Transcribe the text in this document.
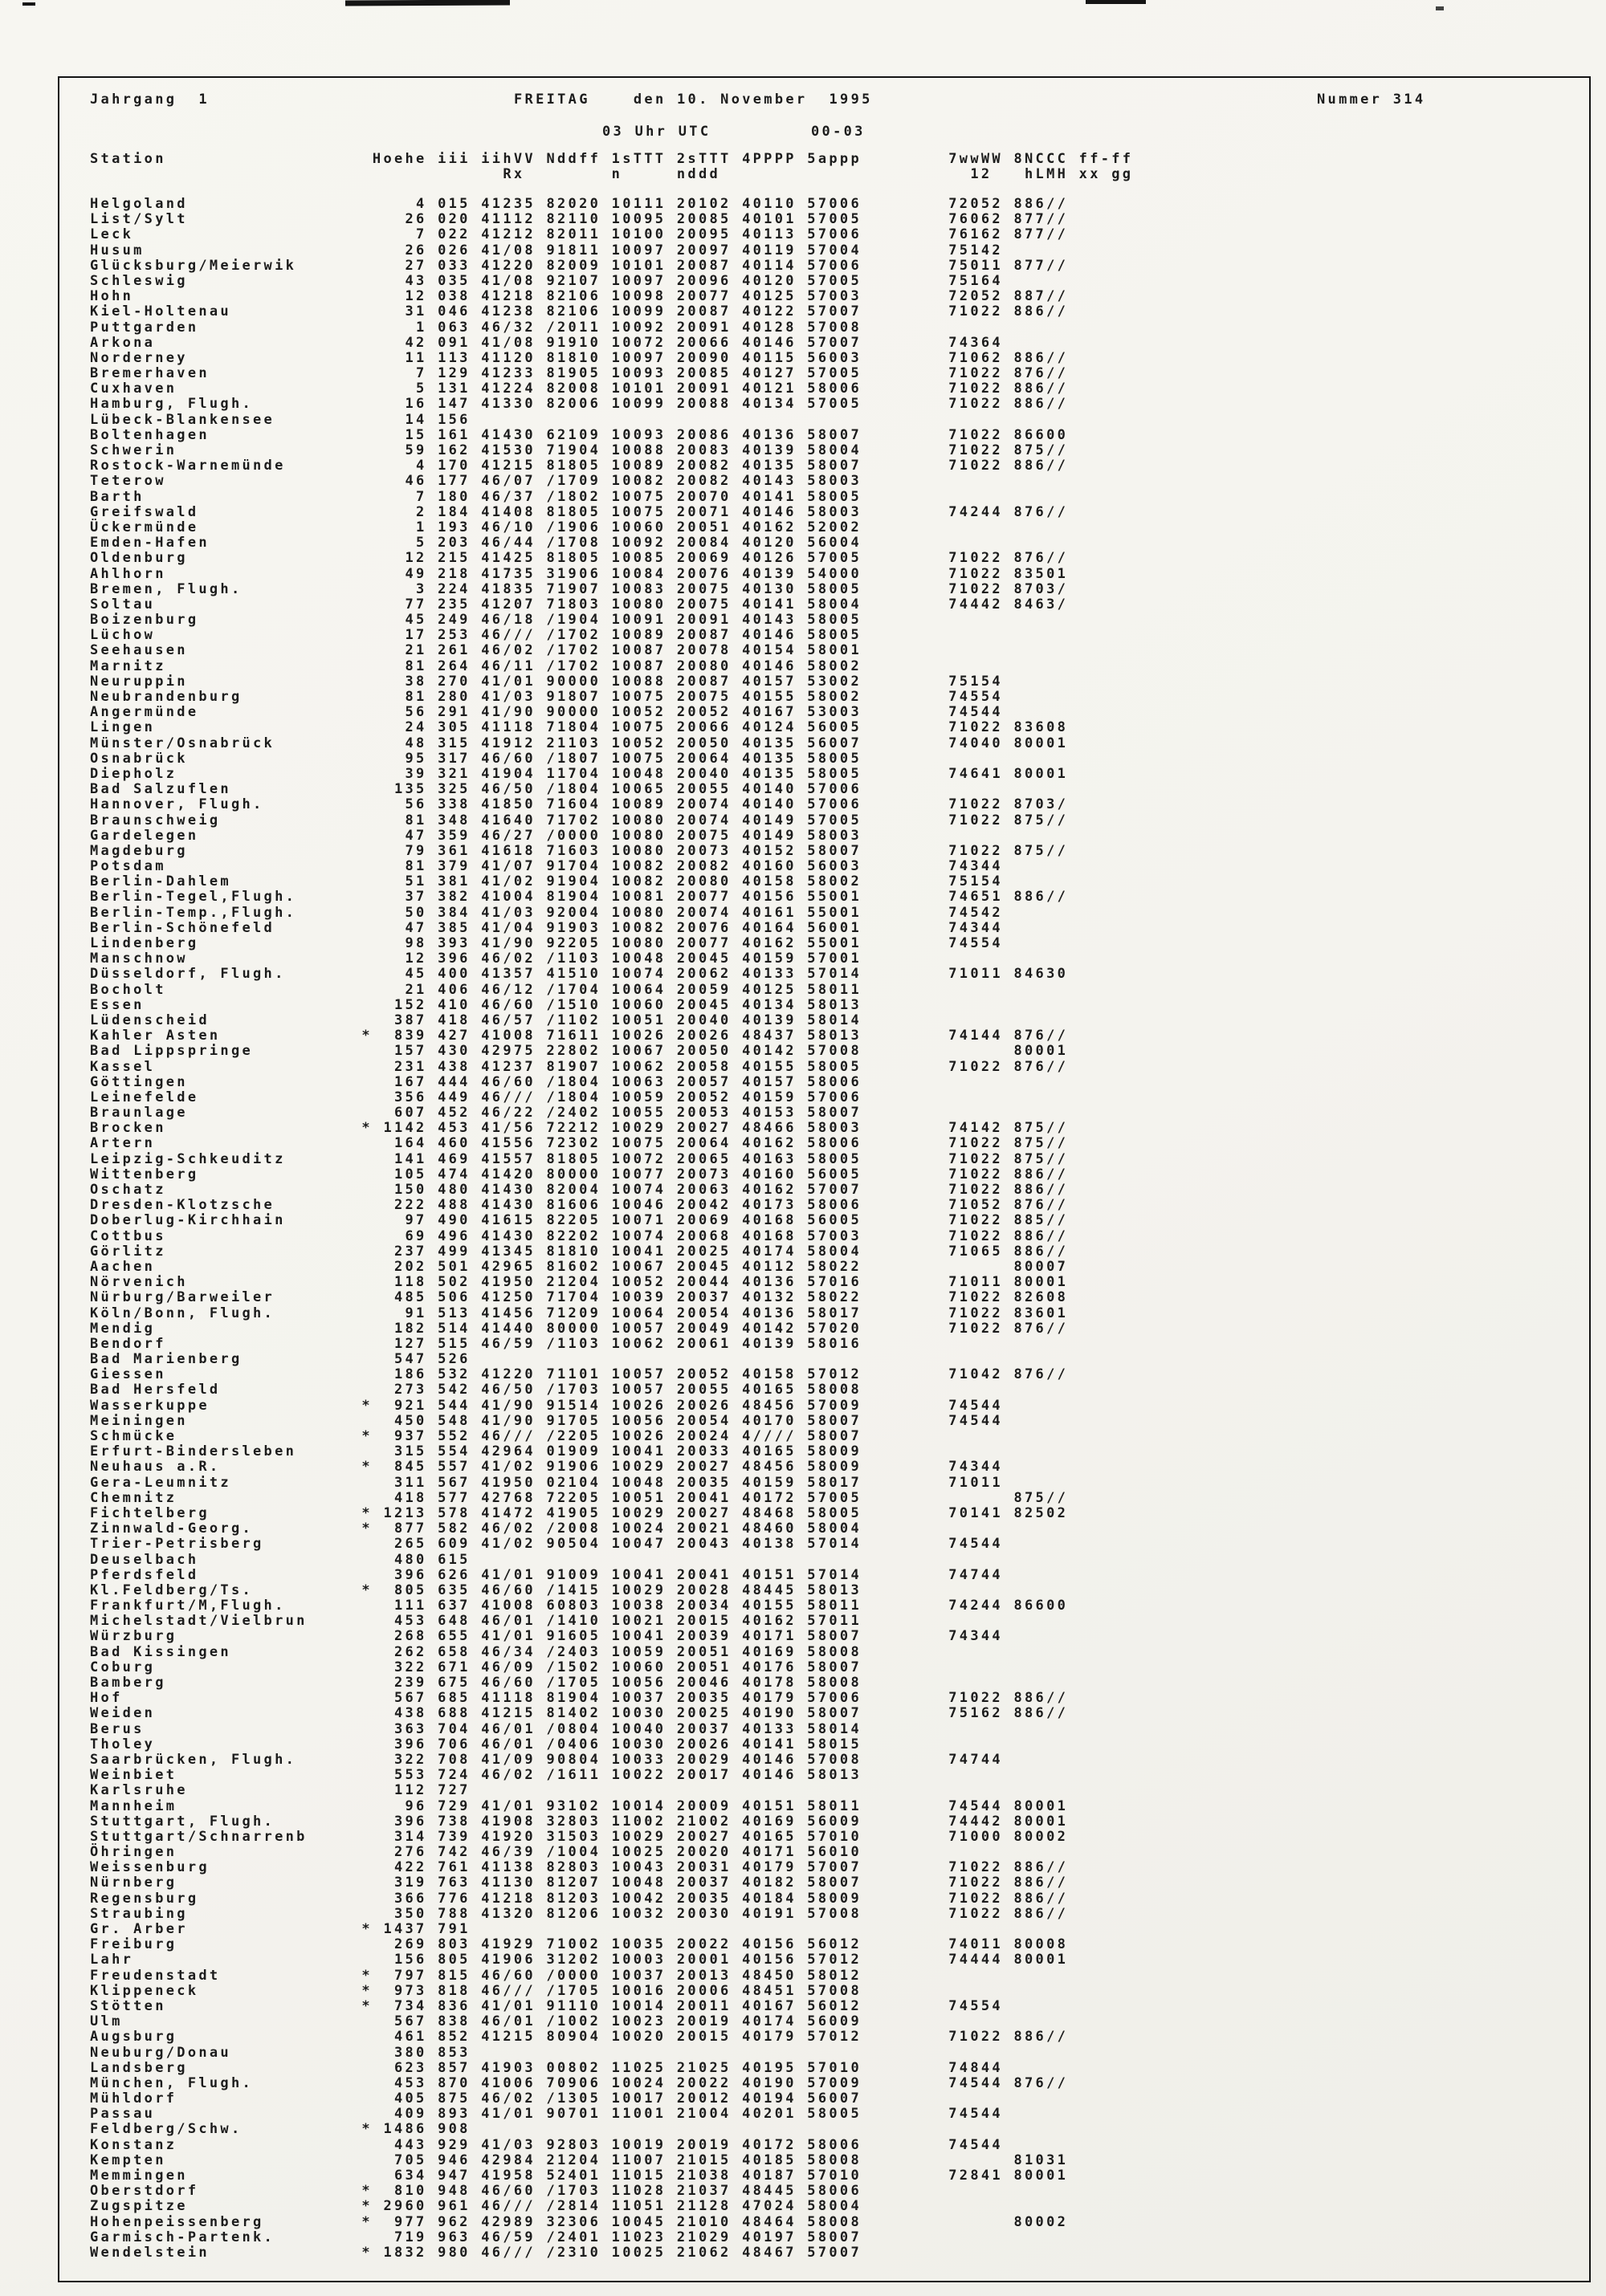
Jahrgang  1	FREITAG    den 10. November  1995	Nummer 314
03 Uhr UTC	00-03
Station                   Hoehe iii iihVV Nddff 1sTTT 2sTTT 4PPPP 5appp        7wwWW 8NCCC ff-ff
Rx        n     nddd                       12   hLMH xx gg
Helgoland                     4 015 41235 82020 10111 20102 40110 57006        72052 886//
List/Sylt                    26 020 41112 82110 10095 20085 40101 57005        76062 877//
Leck                          7 022 41212 82011 10100 20095 40113 57006        76162 877//
Husum                        26 026 41/08 91811 10097 20097 40119 57004        75142
Glücksburg/Meierwik          27 033 41220 82009 10101 20087 40114 57006        75011 877//
Schleswig                    43 035 41/08 92107 10097 20096 40120 57005        75164
Hohn                         12 038 41218 82106 10098 20077 40125 57003        72052 887//
Kiel-Holtenau                31 046 41238 82106 10099 20087 40122 57007        71022 886//
Puttgarden                    1 063 46/32 /2011 10092 20091 40128 57008
Arkona                       42 091 41/08 91910 10072 20066 40146 57007        74364
Norderney                    11 113 41120 81810 10097 20090 40115 56003        71062 886//
Bremerhaven                   7 129 41233 81905 10093 20085 40127 57005        71022 876//
Cuxhaven                      5 131 41224 82008 10101 20091 40121 58006        71022 886//
Hamburg, Flugh.              16 147 41330 82006 10099 20088 40134 57005        71022 886//
Lübeck-Blankensee            14 156
Boltenhagen                  15 161 41430 62109 10093 20086 40136 58007        71022 86600
Schwerin                     59 162 41530 71904 10088 20083 40139 58004        71022 875//
Rostock-Warnemünde            4 170 41215 81805 10089 20082 40135 58007        71022 886//
Teterow                      46 177 46/07 /1709 10082 20082 40143 58003
Barth                         7 180 46/37 /1802 10075 20070 40141 58005
Greifswald                    2 184 41408 81805 10075 20071 40146 58003        74244 876//
Ückermünde                    1 193 46/10 /1906 10060 20051 40162 52002
Emden-Hafen                   5 203 46/44 /1708 10092 20084 40120 56004
Oldenburg                    12 215 41425 81805 10085 20069 40126 57005        71022 876//
Ahlhorn                      49 218 41735 31906 10084 20076 40139 54000        71022 83501
Bremen, Flugh.                3 224 41835 71907 10083 20075 40130 58005        71022 8703/
Soltau                       77 235 41207 71803 10080 20075 40141 58004        74442 8463/
Boizenburg                   45 249 46/18 /1904 10091 20091 40143 58005
Lüchow                       17 253 46/// /1702 10089 20087 40146 58005
Seehausen                    21 261 46/02 /1702 10087 20078 40154 58001
Marnitz                      81 264 46/11 /1702 10087 20080 40146 58002
Neuruppin                    38 270 41/01 90000 10088 20087 40157 53002        75154
Neubrandenburg               81 280 41/03 91807 10075 20075 40155 58002        74554
Angermünde                   56 291 41/90 90000 10052 20052 40167 53003        74544
Lingen                       24 305 41118 71804 10075 20066 40124 56005        71022 83608
Münster/Osnabrück            48 315 41912 21103 10052 20050 40135 56007        74040 80001
Osnabrück                    95 317 46/60 /1807 10075 20064 40135 58005
Diepholz                     39 321 41904 11704 10048 20040 40135 58005        74641 80001
Bad Salzuflen               135 325 46/50 /1804 10065 20055 40140 57006
Hannover, Flugh.             56 338 41850 71604 10089 20074 40140 57006        71022 8703/
Braunschweig                 81 348 41640 71702 10080 20074 40149 57005        71022 875//
Gardelegen                   47 359 46/27 /0000 10080 20075 40149 58003
Magdeburg                    79 361 41618 71603 10080 20073 40152 58007        71022 875//
Potsdam                      81 379 41/07 91704 10082 20082 40160 56003        74344
Berlin-Dahlem                51 381 41/02 91904 10082 20080 40158 58002        75154
Berlin-Tegel,Flugh.          37 382 41004 81904 10081 20077 40156 55001        74651 886//
Berlin-Temp.,Flugh.          50 384 41/03 92004 10080 20074 40161 55001        74542
Berlin-Schönefeld            47 385 41/04 91903 10082 20076 40164 56001        74344
Lindenberg                   98 393 41/90 92205 10080 20077 40162 55001        74554
Manschnow                    12 396 46/02 /1103 10048 20045 40159 57001
Düsseldorf, Flugh.           45 400 41357 41510 10074 20062 40133 57014        71011 84630
Bocholt                      21 406 46/12 /1704 10064 20059 40125 58011
Essen                       152 410 46/60 /1510 10060 20045 40134 58013
Lüdenscheid                 387 418 46/57 /1102 10051 20040 40139 58014
Kahler Asten             *  839 427 41008 71611 10026 20026 48437 58013        74144 876//
Bad Lippspringe             157 430 42975 22802 10067 20050 40142 57008              80001
Kassel                      231 438 41237 81907 10062 20058 40155 58005        71022 876//
Göttingen                   167 444 46/60 /1804 10063 20057 40157 58006
Leinefelde                  356 449 46/// /1804 10059 20052 40159 57006
Braunlage                   607 452 46/22 /2402 10055 20053 40153 58007
Brocken                  * 1142 453 41/56 72212 10029 20027 48466 58003        74142 875//
Artern                      164 460 41556 72302 10075 20064 40162 58006        71022 875//
Leipzig-Schkeuditz          141 469 41557 81805 10072 20065 40163 58005        71022 875//
Wittenberg                  105 474 41420 80000 10077 20073 40160 56005        71022 886//
Oschatz                     150 480 41430 82004 10074 20063 40162 57007        71022 886//
Dresden-Klotzsche           222 488 41430 81606 10046 20042 40173 58006        71052 876//
Doberlug-Kirchhain           97 490 41615 82205 10071 20069 40168 56005        71022 885//
Cottbus                      69 496 41430 82202 10074 20068 40168 57003        71022 886//
Görlitz                     237 499 41345 81810 10041 20025 40174 58004        71065 886//
Aachen                      202 501 42965 81602 10067 20045 40112 58022              80007
Nörvenich                   118 502 41950 21204 10052 20044 40136 57016        71011 80001
Nürburg/Barweiler           485 506 41250 71704 10039 20037 40132 58022        71022 82608
Köln/Bonn, Flugh.            91 513 41456 71209 10064 20054 40136 58017        71022 83601
Mendig                      182 514 41440 80000 10057 20049 40142 57020        71022 876//
Bendorf                     127 515 46/59 /1103 10062 20061 40139 58016
Bad Marienberg              547 526
Giessen                     186 532 41220 71101 10057 20052 40158 57012        71042 876//
Bad Hersfeld                273 542 46/50 /1703 10057 20055 40165 58008
Wasserkuppe              *  921 544 41/90 91514 10026 20026 48456 57009        74544
Meiningen                   450 548 41/90 91705 10056 20054 40170 58007        74544
Schmücke                 *  937 552 46/// /2205 10026 20024 4//// 58007
Erfurt-Bindersleben         315 554 42964 01909 10041 20033 40165 58009
Neuhaus a.R.             *  845 557 41/02 91906 10029 20027 48456 58009        74344
Gera-Leumnitz               311 567 41950 02104 10048 20035 40159 58017        71011
Chemnitz                    418 577 42768 72205 10051 20041 40172 57005              875//
Fichtelberg              * 1213 578 41472 41905 10029 20027 48468 58005        70141 82502
Zinnwald-Georg.          *  877 582 46/02 /2008 10024 20021 48460 58004
Trier-Petrisberg            265 609 41/02 90504 10047 20043 40138 57014        74544
Deuselbach                  480 615
Pferdsfeld                  396 626 41/01 91009 10041 20041 40151 57014        74744
Kl.Feldberg/Ts.          *  805 635 46/60 /1415 10029 20028 48445 58013
Frankfurt/M,Flugh.          111 637 41008 60803 10038 20034 40155 58011        74244 86600
Michelstadt/Vielbrun        453 648 46/01 /1410 10021 20015 40162 57011
Würzburg                    268 655 41/01 91605 10041 20039 40171 58007        74344
Bad Kissingen               262 658 46/34 /2403 10059 20051 40169 58008
Coburg                      322 671 46/09 /1502 10060 20051 40176 58007
Bamberg                     239 675 46/60 /1705 10056 20046 40178 58008
Hof                         567 685 41118 81904 10037 20035 40179 57006        71022 886//
Weiden                      438 688 41215 81402 10030 20025 40190 58007        75162 886//
Berus                       363 704 46/01 /0804 10040 20037 40133 58014
Tholey                      396 706 46/01 /0406 10030 20026 40141 58015
Saarbrücken, Flugh.         322 708 41/09 90804 10033 20029 40146 57008        74744
Weinbiet                    553 724 46/02 /1611 10022 20017 40146 58013
Karlsruhe                   112 727
Mannheim                     96 729 41/01 93102 10014 20009 40151 58011        74544 80001
Stuttgart, Flugh.           396 738 41908 32803 11002 21002 40169 56009        74442 80001
Stuttgart/Schnarrenb        314 739 41920 31503 10029 20027 40165 57010        71000 80002
Öhringen                    276 742 46/39 /1004 10025 20020 40171 56010
Weissenburg                 422 761 41138 82803 10043 20031 40179 57007        71022 886//
Nürnberg                    319 763 41130 81207 10048 20037 40182 58007        71022 886//
Regensburg                  366 776 41218 81203 10042 20035 40184 58009        71022 886//
Straubing                   350 788 41320 81206 10032 20030 40191 57008        71022 886//
Gr. Arber                * 1437 791
Freiburg                    269 803 41929 71002 10035 20022 40156 56012        74011 80008
Lahr                        156 805 41906 31202 10003 20001 40156 57012        74444 80001
Freudenstadt             *  797 815 46/60 /0000 10037 20013 48450 58012
Klippeneck               *  973 818 46/// /1705 10016 20006 48451 57008
Stötten                  *  734 836 41/01 91110 10014 20011 40167 56012        74554
Ulm                         567 838 46/01 /1002 10023 20019 40174 56009
Augsburg                    461 852 41215 80904 10020 20015 40179 57012        71022 886//
Neuburg/Donau               380 853
Landsberg                   623 857 41903 00802 11025 21025 40195 57010        74844
München, Flugh.             453 870 41006 70906 10024 20022 40190 57009        74544 876//
Mühldorf                    405 875 46/02 /1305 10017 20012 40194 56007
Passau                      409 893 41/01 90701 11001 21004 40201 58005        74544
Feldberg/Schw.           * 1486 908
Konstanz                    443 929 41/03 92803 10019 20019 40172 58006        74544
Kempten                     705 946 42984 21204 11007 21015 40185 58008              81031
Memmingen                   634 947 41958 52401 11015 21038 40187 57010        72841 80001
Oberstdorf               *  810 948 46/60 /1703 11028 21037 48445 58006
Zugspitze                * 2960 961 46/// /2814 11051 21128 47024 58004
Hohenpeissenberg         *  977 962 42989 32306 10045 21010 48464 58008              80002
Garmisch-Partenk.           719 963 46/59 /2401 11023 21029 40197 58007
Wendelstein              * 1832 980 46/// /2310 10025 21062 48467 57007
